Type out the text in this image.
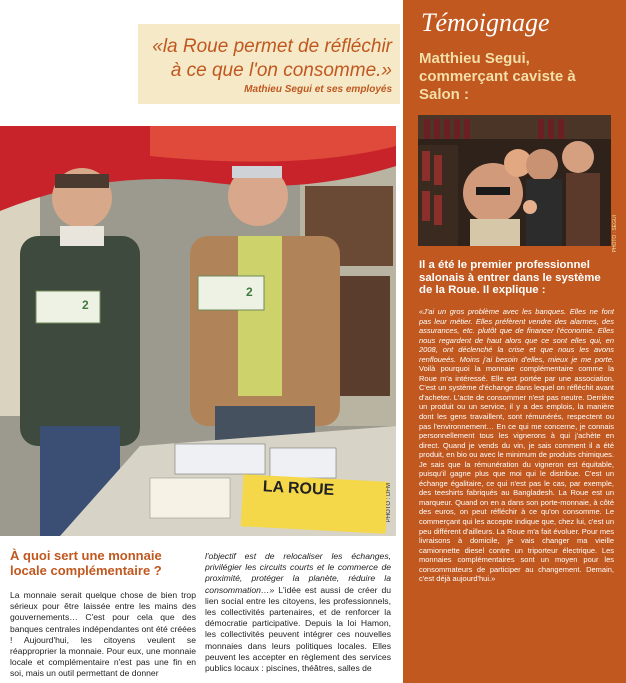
«la Roue permet de réfléchir
à ce que l'on consomme.»
Mathieu Segui et ses employés
2
2
LA ROUE	PHOTO : DFM
À quoi sert une monnaie locale complémentaire ?

La monnaie serait quelque chose de bien trop sérieux pour être laissée entre les mains des gouvernements… C'est pour cela que des banques centrales indépendantes ont été créées ! Aujourd'hui, les citoyens veulent se réapproprier la monnaie. Pour eux, une monnaie locale et complémentaire n'est pas une fin en soi, mais un outil permettant de donner

l'objectif est de relocaliser les échanges, privilégier les circuits courts et le commerce de proximité, protéger la planète, réduire la consommation…» L'idée est aussi de créer du lien social entre les citoyens, les professionnels, les collectivités partenaires, et de renforcer la démocratie participative. Depuis la loi Hamon, les collectivités peuvent intégrer ces nouvelles monnaies dans leurs politiques locales. Elles peuvent les accepter en règlement des services publics locaux : piscines, théâtres, salles de

Témoignage
Matthieu Segui, commerçant caviste à Salon :
PHOTO : SEGUI
Il a été le premier professionnel salonais à entrer dans le système de la Roue. Il explique :

«J'ai un gros problème avec les banques. Elles ne font pas leur métier. Elles préfèrent vendre des alarmes, des assurances, etc. plutôt que de financer l'économie. Elles nous regardent de haut alors que ce sont elles qui, en 2008, ont déclenché la crise et que nous les avons renfloueés. Moins j'ai besoin d'elles, mieux je me porte. Voilà pourquoi la monnaie complémentaire comme la Roue m'a intéressé. Elle est portée par une association. C'est un système d'échange dans lequel on réfléchit avant d'acheter. L'acte de consommer n'est pas neutre. Derrière un produit ou un service, il y a des emplois, la manière dont les gens travaillent, sont rémunérés, respectent ou pas l'environnement… En ce qui me concerne, je connais personnellement tous les vignerons à qui j'achète en direct. Quand je vends du vin, je sais comment il a été produit, en bio ou avec le minimum de produits chimiques. Je sais que la rémunération du vigneron est équitable, puisqu'il gagne plus que moi qui le distribue. C'est un échange égalitaire, ce qui n'est pas le cas, par exemple, des teeshirts fabriqués au Bangladesh. La Roue est un marqueur. Quand on en a dans son porte-monnaie, à côté des euros, on peut réfléchir à ce qu'on consomme. Le commerçant qui les accepte indique que, chez lui, c'est un peu différent d'ailleurs. La Roue m'a fait évoluer. Pour mes livraisons à domicile, je vais changer ma vieille camionnette diesel contre un triporteur électrique. Les monnaies complémentaires sont un moyen pour les consommateurs de participer au changement. Demain, c'est déjà aujourd'hui.»
